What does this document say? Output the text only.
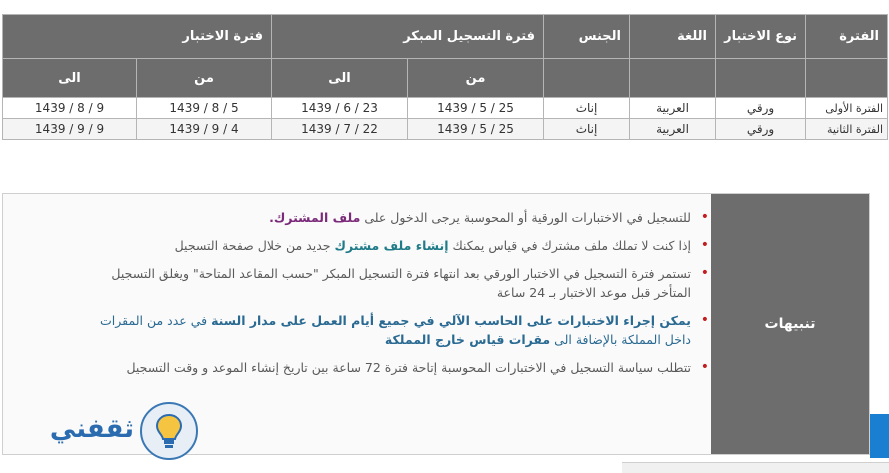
الفترة	نوع الاختبار	اللغة	الجنس	فترة التسجيل المبكر		فترة الاختبار	
				من	الى	من	الى
الفترة الأولى	ورقي	العربية	إناث	1439 / 5 / 25	1439 / 6 / 23	1439 / 8 / 5	1439 / 8 / 9
الفترة الثانية	ورقي	العربية	إناث	1439 / 5 / 25	1439 / 7 / 22	1439 / 9 / 4	1439 / 9 / 9
تنبيهات
•
للتسجيل في الاختبارات الورقية أو المحوسبة يرجى الدخول على ملف المشترك.
•
إذا كنت لا تملك ملف مشترك في قياس يمكنك إنشاء ملف مشترك جديد من خلال صفحة التسجيل
•
تستمر فترة التسجيل في الاختبار الورقي بعد انتهاء فترة التسجيل المبكر "حسب المقاعد المتاحة" ويغلق التسجيل المتأخر قبل موعد الاختبار بـ 24 ساعة
•
يمكن إجراء الاختبارات على الحاسب الآلي في جميع أيام العمل على مدار السنة في عدد من المقرات داخل المملكة بالإضافة الى مقرات قياس خارج المملكة
•
تتطلب سياسة التسجيل في الاختبارات المحوسبة إتاحة فترة 72 ساعة بين تاريخ إنشاء الموعد و وقت التسجيل
ثقفني
